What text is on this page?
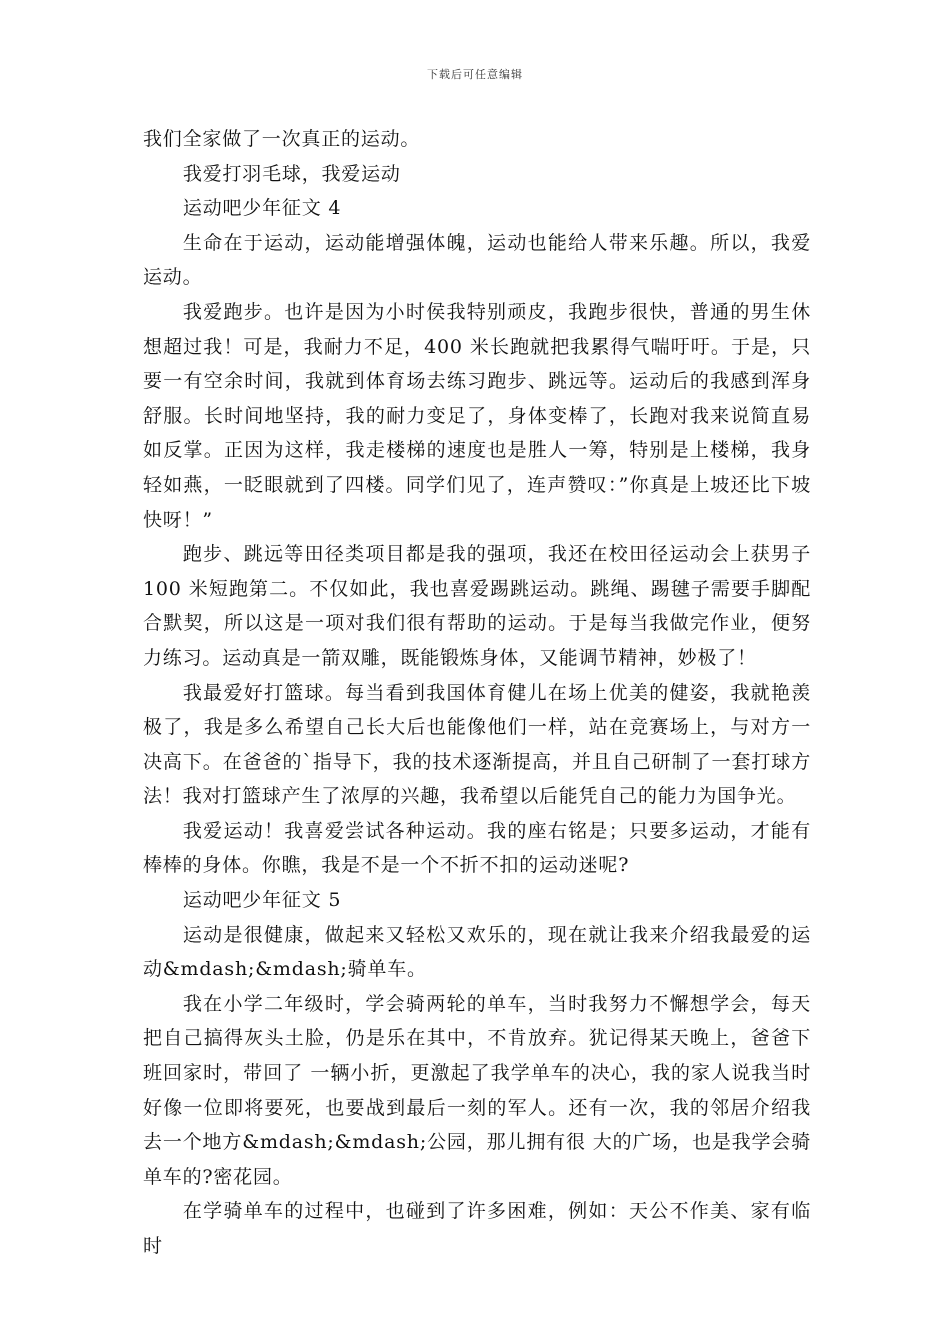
下载后可任意编辑

我们全家做了一次真正的运动。

我爱打羽毛球，我爱运动

运动吧少年征文 4

生命在于运动，运动能增强体魄，运动也能给人带来乐趣。所以，我爱运动。

我爱跑步。也许是因为小时侯我特别顽皮，我跑步很快，普通的男生休想超过我！可是，我耐力不足，400 米长跑就把我累得气喘吁吁。于是，只要一有空余时间，我就到体育场去练习跑步、跳远等。运动后的我感到浑身舒服。长时间地坚持，我的耐力变足了，身体变棒了，长跑对我来说简直易如反掌。正因为这样，我走楼梯的速度也是胜人一筹，特别是上楼梯，我身轻如燕，一眨眼就到了四楼。同学们见了，连声赞叹：”你真是上坡还比下坡快呀！”

跑步、跳远等田径类项目都是我的强项，我还在校田径运动会上获男子 100 米短跑第二。不仅如此，我也喜爱踢跳运动。跳绳、踢毽子需要手脚配合默契，所以这是一项对我们很有帮助的运动。于是每当我做完作业，便努力练习。运动真是一箭双雕，既能锻炼身体，又能调节精神，妙极了！

我最爱好打篮球。每当看到我国体育健儿在场上优美的健姿，我就艳羡极了，我是多么希望自己长大后也能像他们一样，站在竞赛场上，与对方一决高下。在爸爸的`指导下，我的技术逐渐提高，并且自己研制了一套打球方法！我对打篮球产生了浓厚的兴趣，我希望以后能凭自己的能力为国争光。

我爱运动！我喜爱尝试各种运动。我的座右铭是；只要多运动，才能有棒棒的身体。你瞧，我是不是一个不折不扣的运动迷呢?

运动吧少年征文 5

运动是很健康，做起来又轻松又欢乐的，现在就让我来介绍我最爱的运动&mdash;&mdash;骑单车。

我在小学二年级时，学会骑两轮的单车，当时我努力不懈想学会，每天把自己搞得灰头土脸，仍是乐在其中，不肯放弃。犹记得某天晚上，爸爸下班回家时，带回了 一辆小折，更激起了我学单车的决心，我的家人说我当时好像一位即将要死，也要战到最后一刻的军人。还有一次，我的邻居介绍我去一个地方&mdash;&mdash;公园，那儿拥有很 大的广场，也是我学会骑单车的?密花园。

在学骑单车的过程中，也碰到了许多困难，例如：天公不作美、家有临时
